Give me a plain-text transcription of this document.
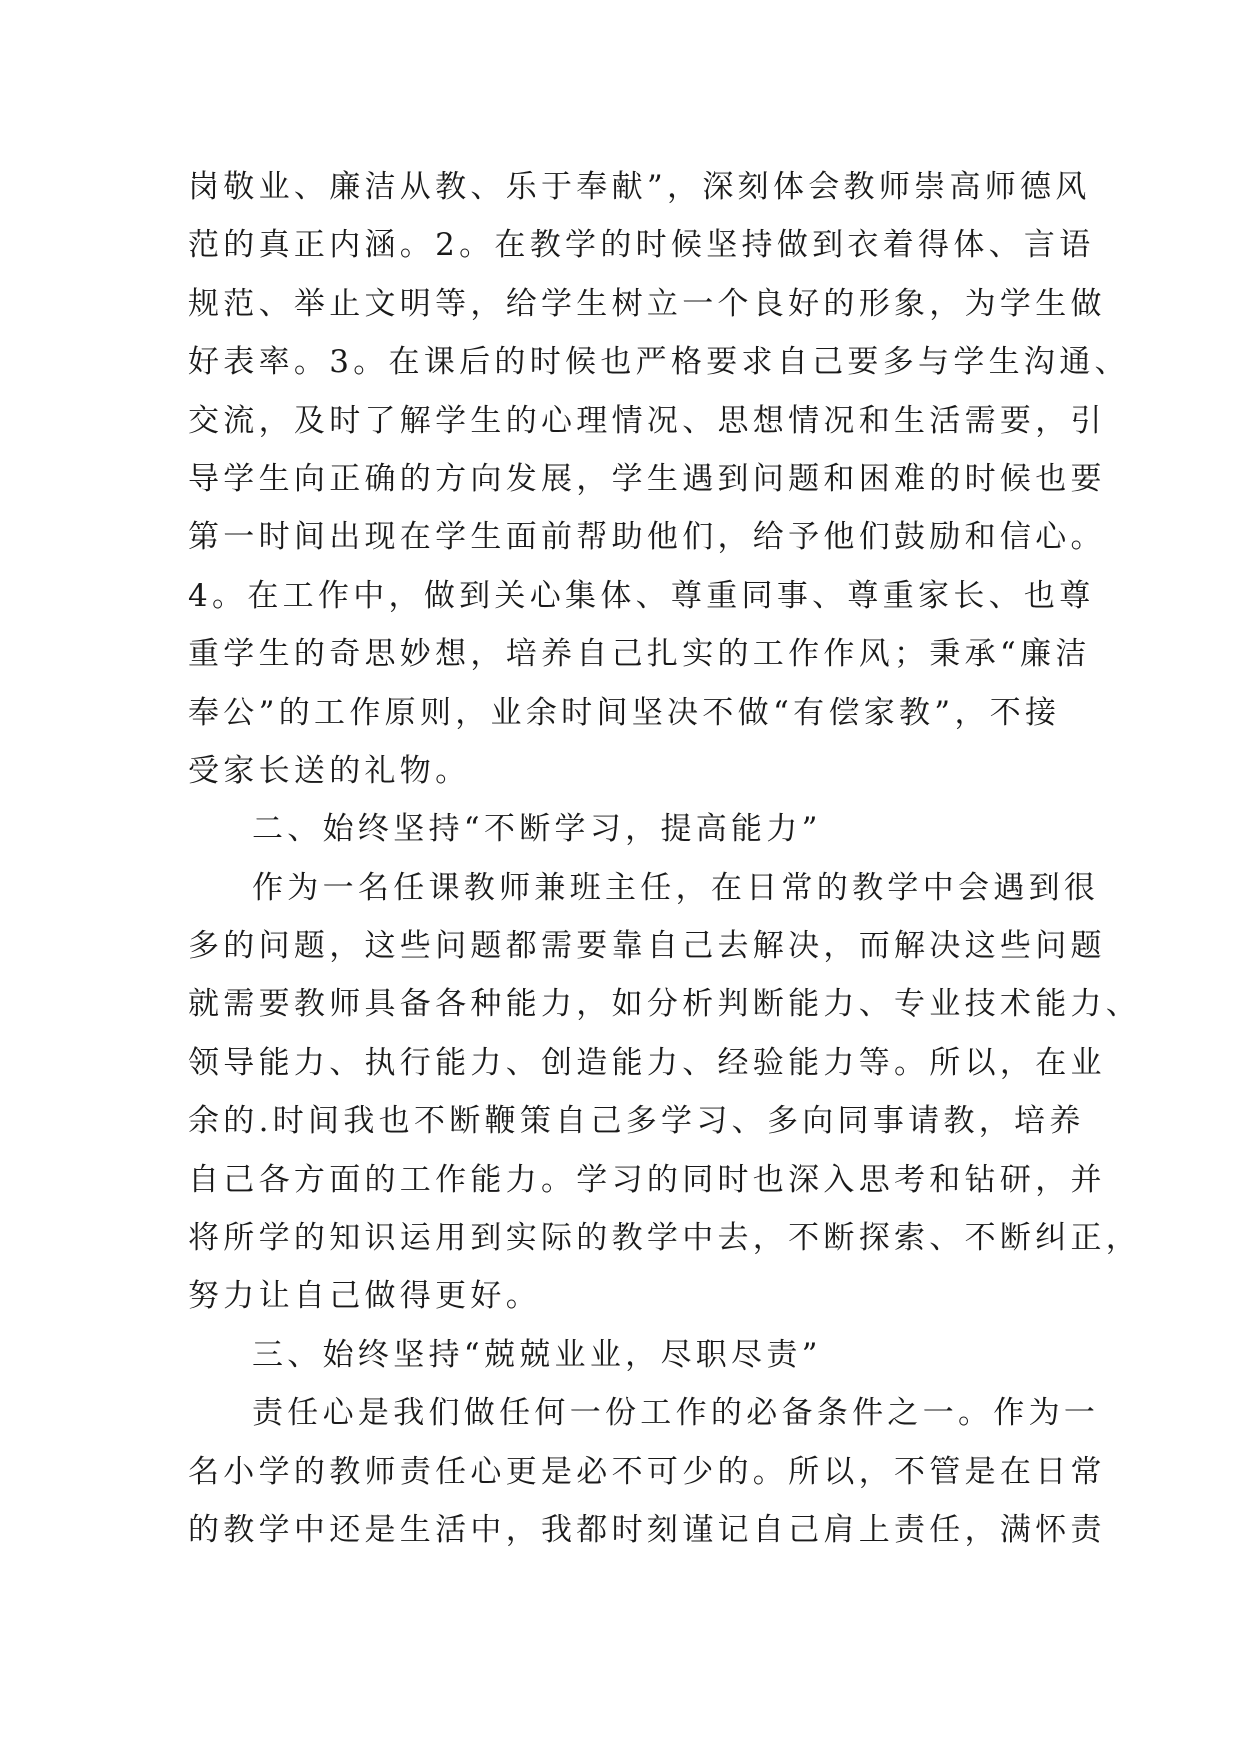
岗敬业、廉洁从教、乐于奉献”，深刻体会教师崇高师德风
范的真正内涵。2。在教学的时候坚持做到衣着得体、言语
规范、举止文明等，给学生树立一个良好的形象，为学生做
好表率。3。在课后的时候也严格要求自己要多与学生沟通、
交流，及时了解学生的心理情况、思想情况和生活需要，引
导学生向正确的方向发展，学生遇到问题和困难的时候也要
第一时间出现在学生面前帮助他们，给予他们鼓励和信心。
4。在工作中，做到关心集体、尊重同事、尊重家长、也尊
重学生的奇思妙想，培养自己扎实的工作作风；秉承“廉洁
奉公”的工作原则，业余时间坚决不做“有偿家教”，不接
受家长送的礼物。
二、始终坚持“不断学习，提高能力”
作为一名任课教师兼班主任，在日常的教学中会遇到很
多的问题，这些问题都需要靠自己去解决，而解决这些问题
就需要教师具备各种能力，如分析判断能力、专业技术能力、
领导能力、执行能力、创造能力、经验能力等。所以，在业
余的.时间我也不断鞭策自己多学习、多向同事请教，培养
自己各方面的工作能力。学习的同时也深入思考和钻研，并
将所学的知识运用到实际的教学中去，不断探索、不断纠正，
努力让自己做得更好。
三、始终坚持“兢兢业业，尽职尽责”
责任心是我们做任何一份工作的必备条件之一。作为一
名小学的教师责任心更是必不可少的。所以，不管是在日常
的教学中还是生活中，我都时刻谨记自己肩上责任，满怀责
